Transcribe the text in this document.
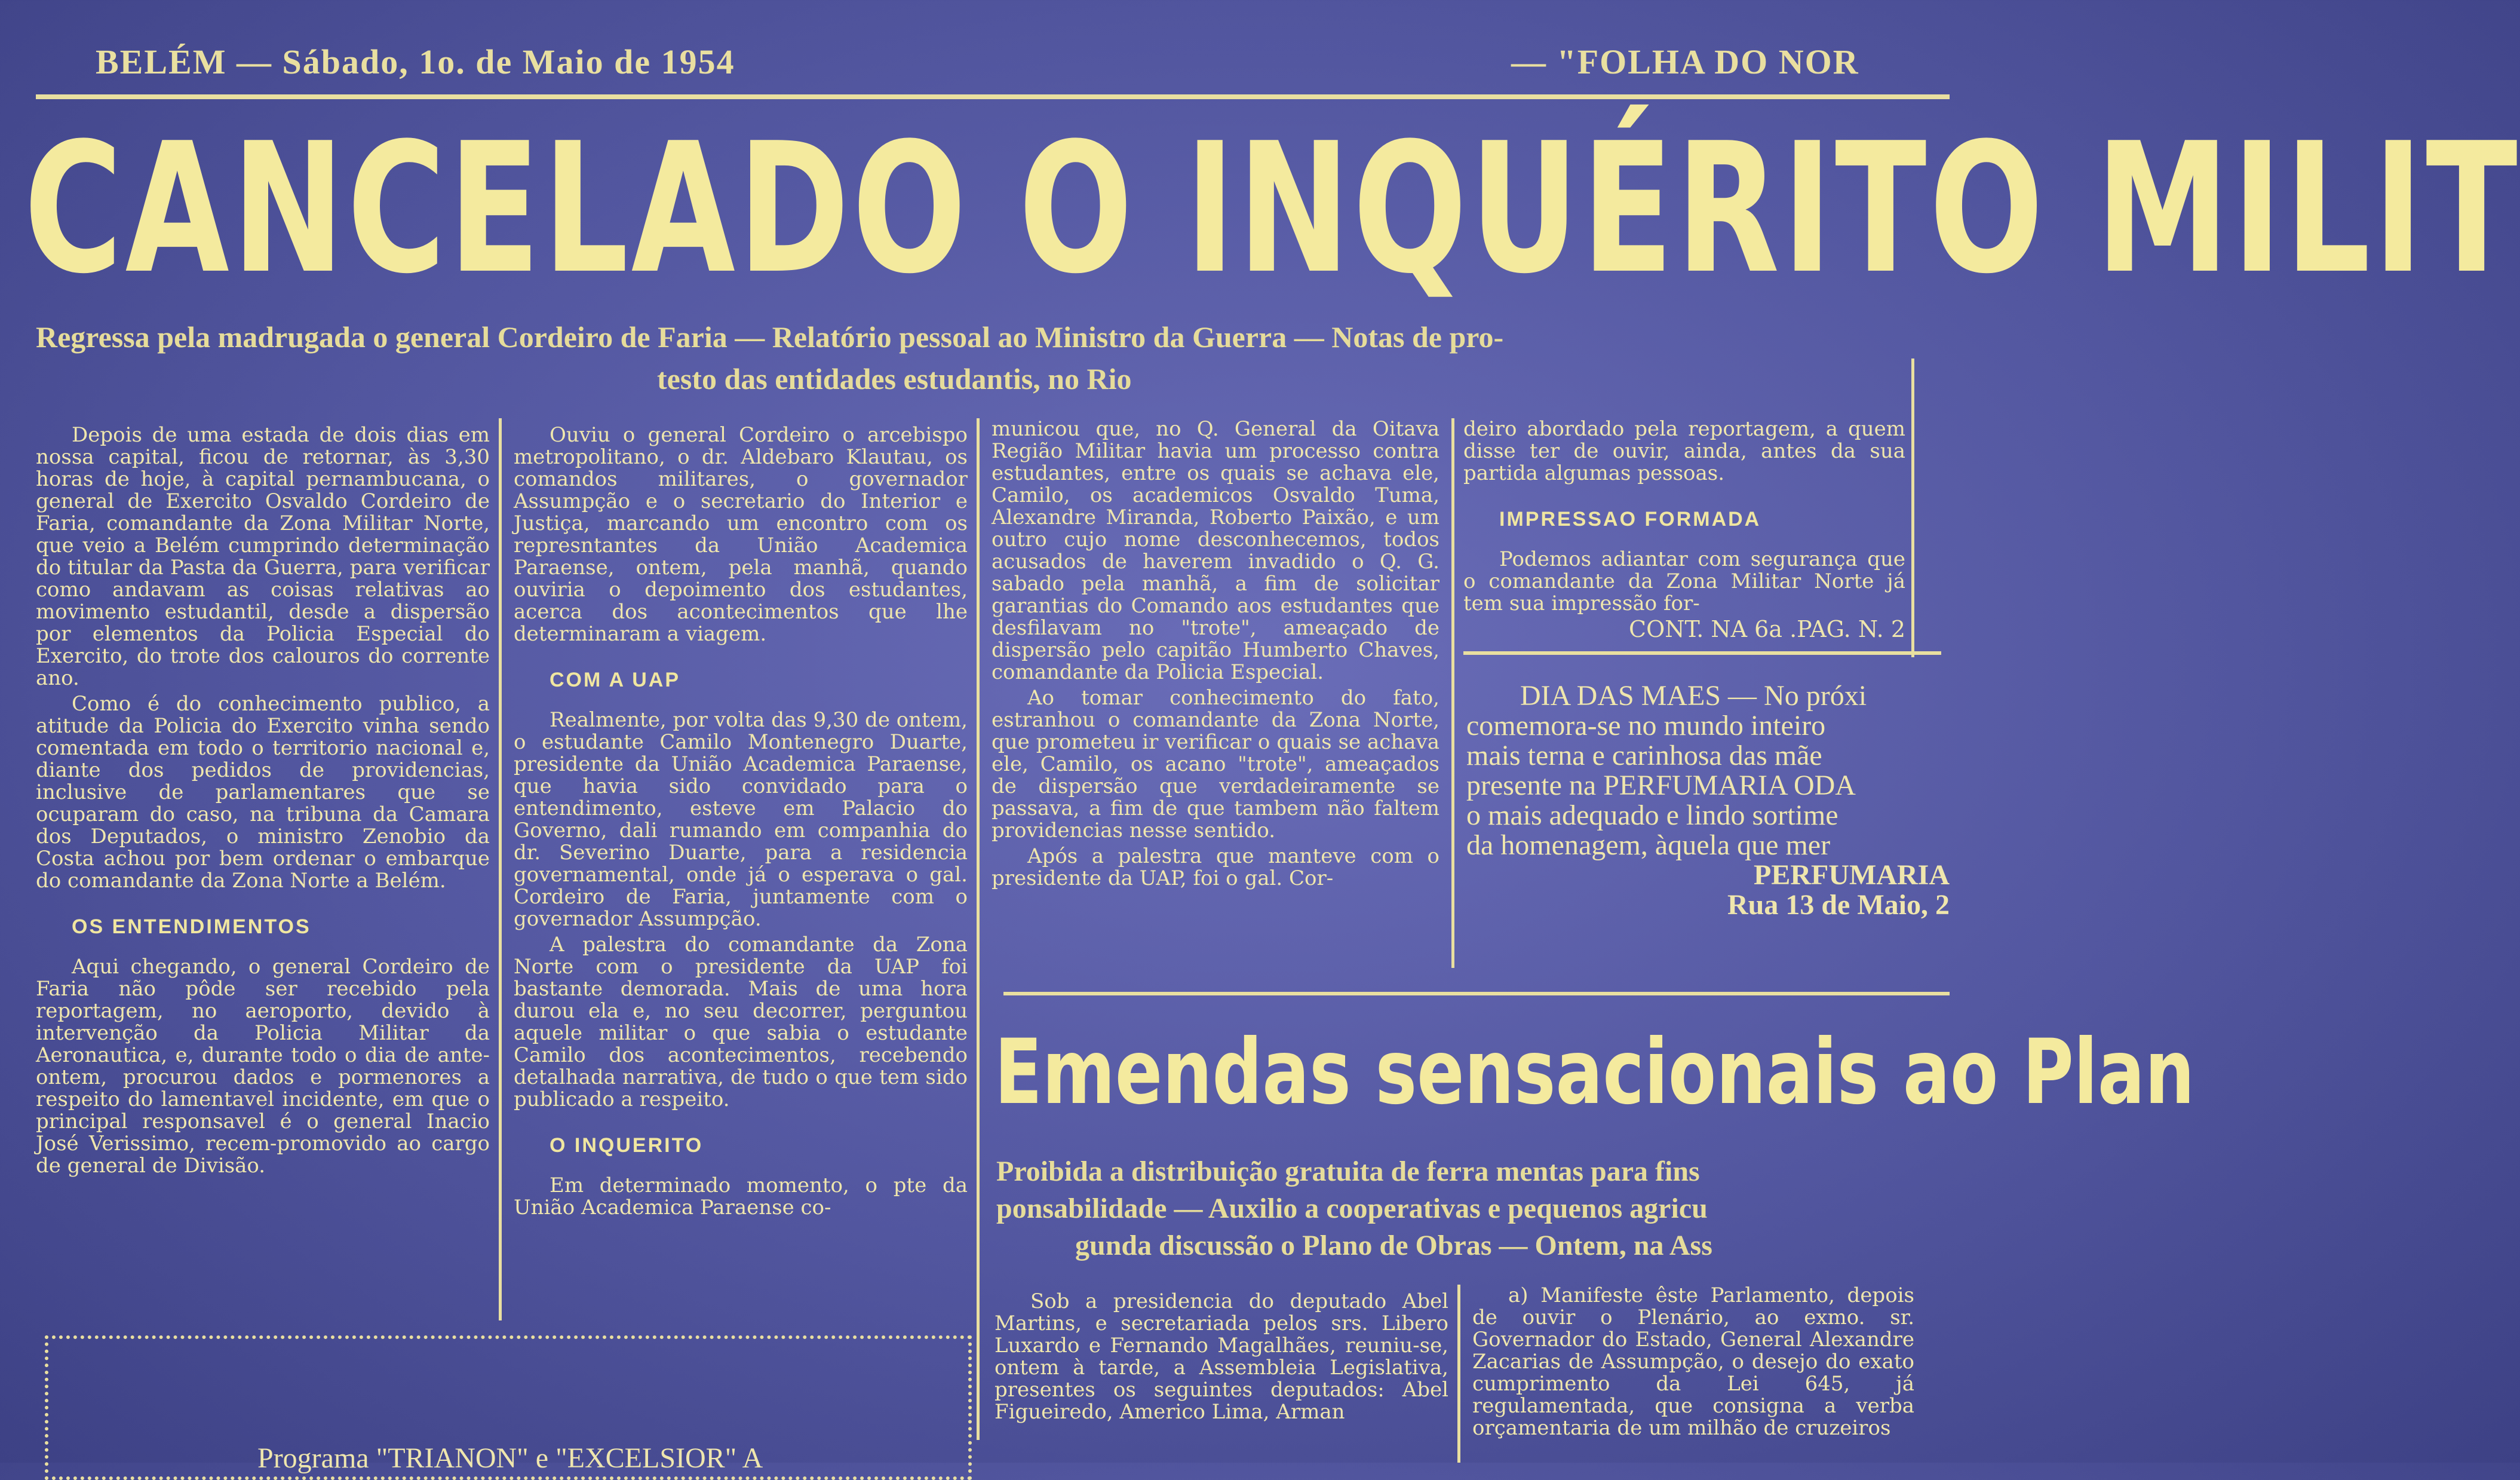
BELÉM — Sábado, 1o. de Maio de 1954	— "FOLHA DO NOR
CANCELADO O INQUÉRITO MILIT
Regressa pela madrugada o general Cordeiro de Faria — Relatório pessoal ao Ministro da Guerra — Notas de pro-
testo das entidades estudantis, no Rio

Depois de uma estada de dois dias em nossa capital, ficou de retornar, às 3,30 horas de hoje, à capital pernambucana, o general de Exercito Osvaldo Cordeiro de Faria, comandante da Zona Militar Norte, que veio a Belém cumprindo determinação do titular da Pasta da Guerra, para verificar como andavam as coisas relativas ao movimento estudantil, desde a dispersão por elementos da Policia Especial do Exercito, do trote dos calouros do corrente ano.

Como é do conhecimento publico, a atitude da Policia do Exercito vinha sendo comentada em todo o territorio nacional e, diante dos pedidos de providencias, inclusive de parlamentares que se ocuparam do caso, na tribuna da Camara dos Deputados, o ministro Zenobio da Costa achou por bem ordenar o embarque do comandante da Zona Norte a Belém.

OS ENTENDIMENTOS

Aqui chegando, o general Cordeiro de Faria não pôde ser recebido pela reportagem, no aeroporto, devido à intervenção da Policia Militar da Aeronautica, e, durante todo o dia de ante-ontem, procurou dados e pormenores a respeito do lamentavel incidente, em que o principal responsavel é o general Inacio José Verissimo, recem-promovido ao cargo de general de Divisão.

Ouviu o general Cordeiro o arcebispo metropolitano, o dr. Aldebaro Klautau, os comandos militares, o governador Assumpção e o secretario do Interior e Justiça, marcando um encontro com os represntantes da União Academica Paraense, ontem, pela manhã, quando ouviria o depoimento dos estudantes, acerca dos acontecimentos que lhe determinaram a viagem.

COM A UAP

Realmente, por volta das 9,30 de ontem, o estudante Camilo Montenegro Duarte, presidente da União Academica Paraense, que havia sido convidado para o entendimento, esteve em Palacio do Governo, dali rumando em companhia do dr. Severino Duarte, para a residencia governamental, onde já o esperava o gal. Cordeiro de Faria, juntamente com o governador Assumpção.

A palestra do comandante da Zona Norte com o presidente da UAP foi bastante demorada. Mais de uma hora durou ela e, no seu decorrer, perguntou aquele militar o que sabia o estudante Camilo dos acontecimentos, recebendo detalhada narrativa, de tudo o que tem sido publicado a respeito.

O INQUERITO

Em determinado momento, o pte da União Academica Paraense co-

municou que, no Q. General da Oitava Região Militar havia um processo contra estudantes, entre os quais se achava ele, Camilo, os academicos Osvaldo Tuma, Alexandre Miranda, Roberto Paixão, e um outro cujo nome desconhecemos, todos acusados de haverem invadido o Q. G. sabado pela manhã, a fim de solicitar garantias do Comando aos estudantes que desfilavam no "trote", ameaçado de dispersão pelo capitão Humberto Chaves, comandante da Policia Especial.

Ao tomar conhecimento do fato, estranhou o comandante da Zona Norte, que prometeu ir verificar o quais se achava ele, Camilo, os acano "trote", ameaçados de dispersão que verdadeiramente se passava, a fim de que tambem não faltem providencias nesse sentido.

Após a palestra que manteve com o presidente da UAP, foi o gal. Cor-

deiro abordado pela reportagem, a quem disse ter de ouvir, ainda, antes da sua partida algumas pessoas.

IMPRESSAO FORMADA

Podemos adiantar com segurança que o comandante da Zona Militar Norte já tem sua impressão for-

CONT. NA 6a .PAG. N. 2
DIA DAS MAES — No próxi
comemora-se no mundo inteiro
mais terna e carinhosa das mãe
presente na PERFUMARIA ODA
o mais adequado e lindo sortime
da homenagem, àquela que mer
PERFUMARIA
Rua 13 de Maio, 2
Emendas sensacionais ao Plan
Proibida a distribuição gratuita de ferra mentas para fins
ponsabilidade — Auxilio a cooperativas e pequenos agricu
gunda discussão o Plano de Obras — Ontem, na Ass

Sob a presidencia do deputado Abel Martins, e secretariada pelos srs. Libero Luxardo e Fernando Magalhães, reuniu-se, ontem à tarde, a Assembleia Legislativa, presentes os seguintes deputados: Abel Figueiredo, Americo Lima, Arman

a) Manifeste êste Parlamento, depois de ouvir o Plenário, ao exmo. sr. Governador do Estado, General Alexandre Zacarias de Assumpção, o desejo do exato cumprimento da Lei 645, já regulamentada, que consigna a verba orçamentaria de um milhão de cruzeiros

Programa "TRIANON" e "EXCELSIOR" A
